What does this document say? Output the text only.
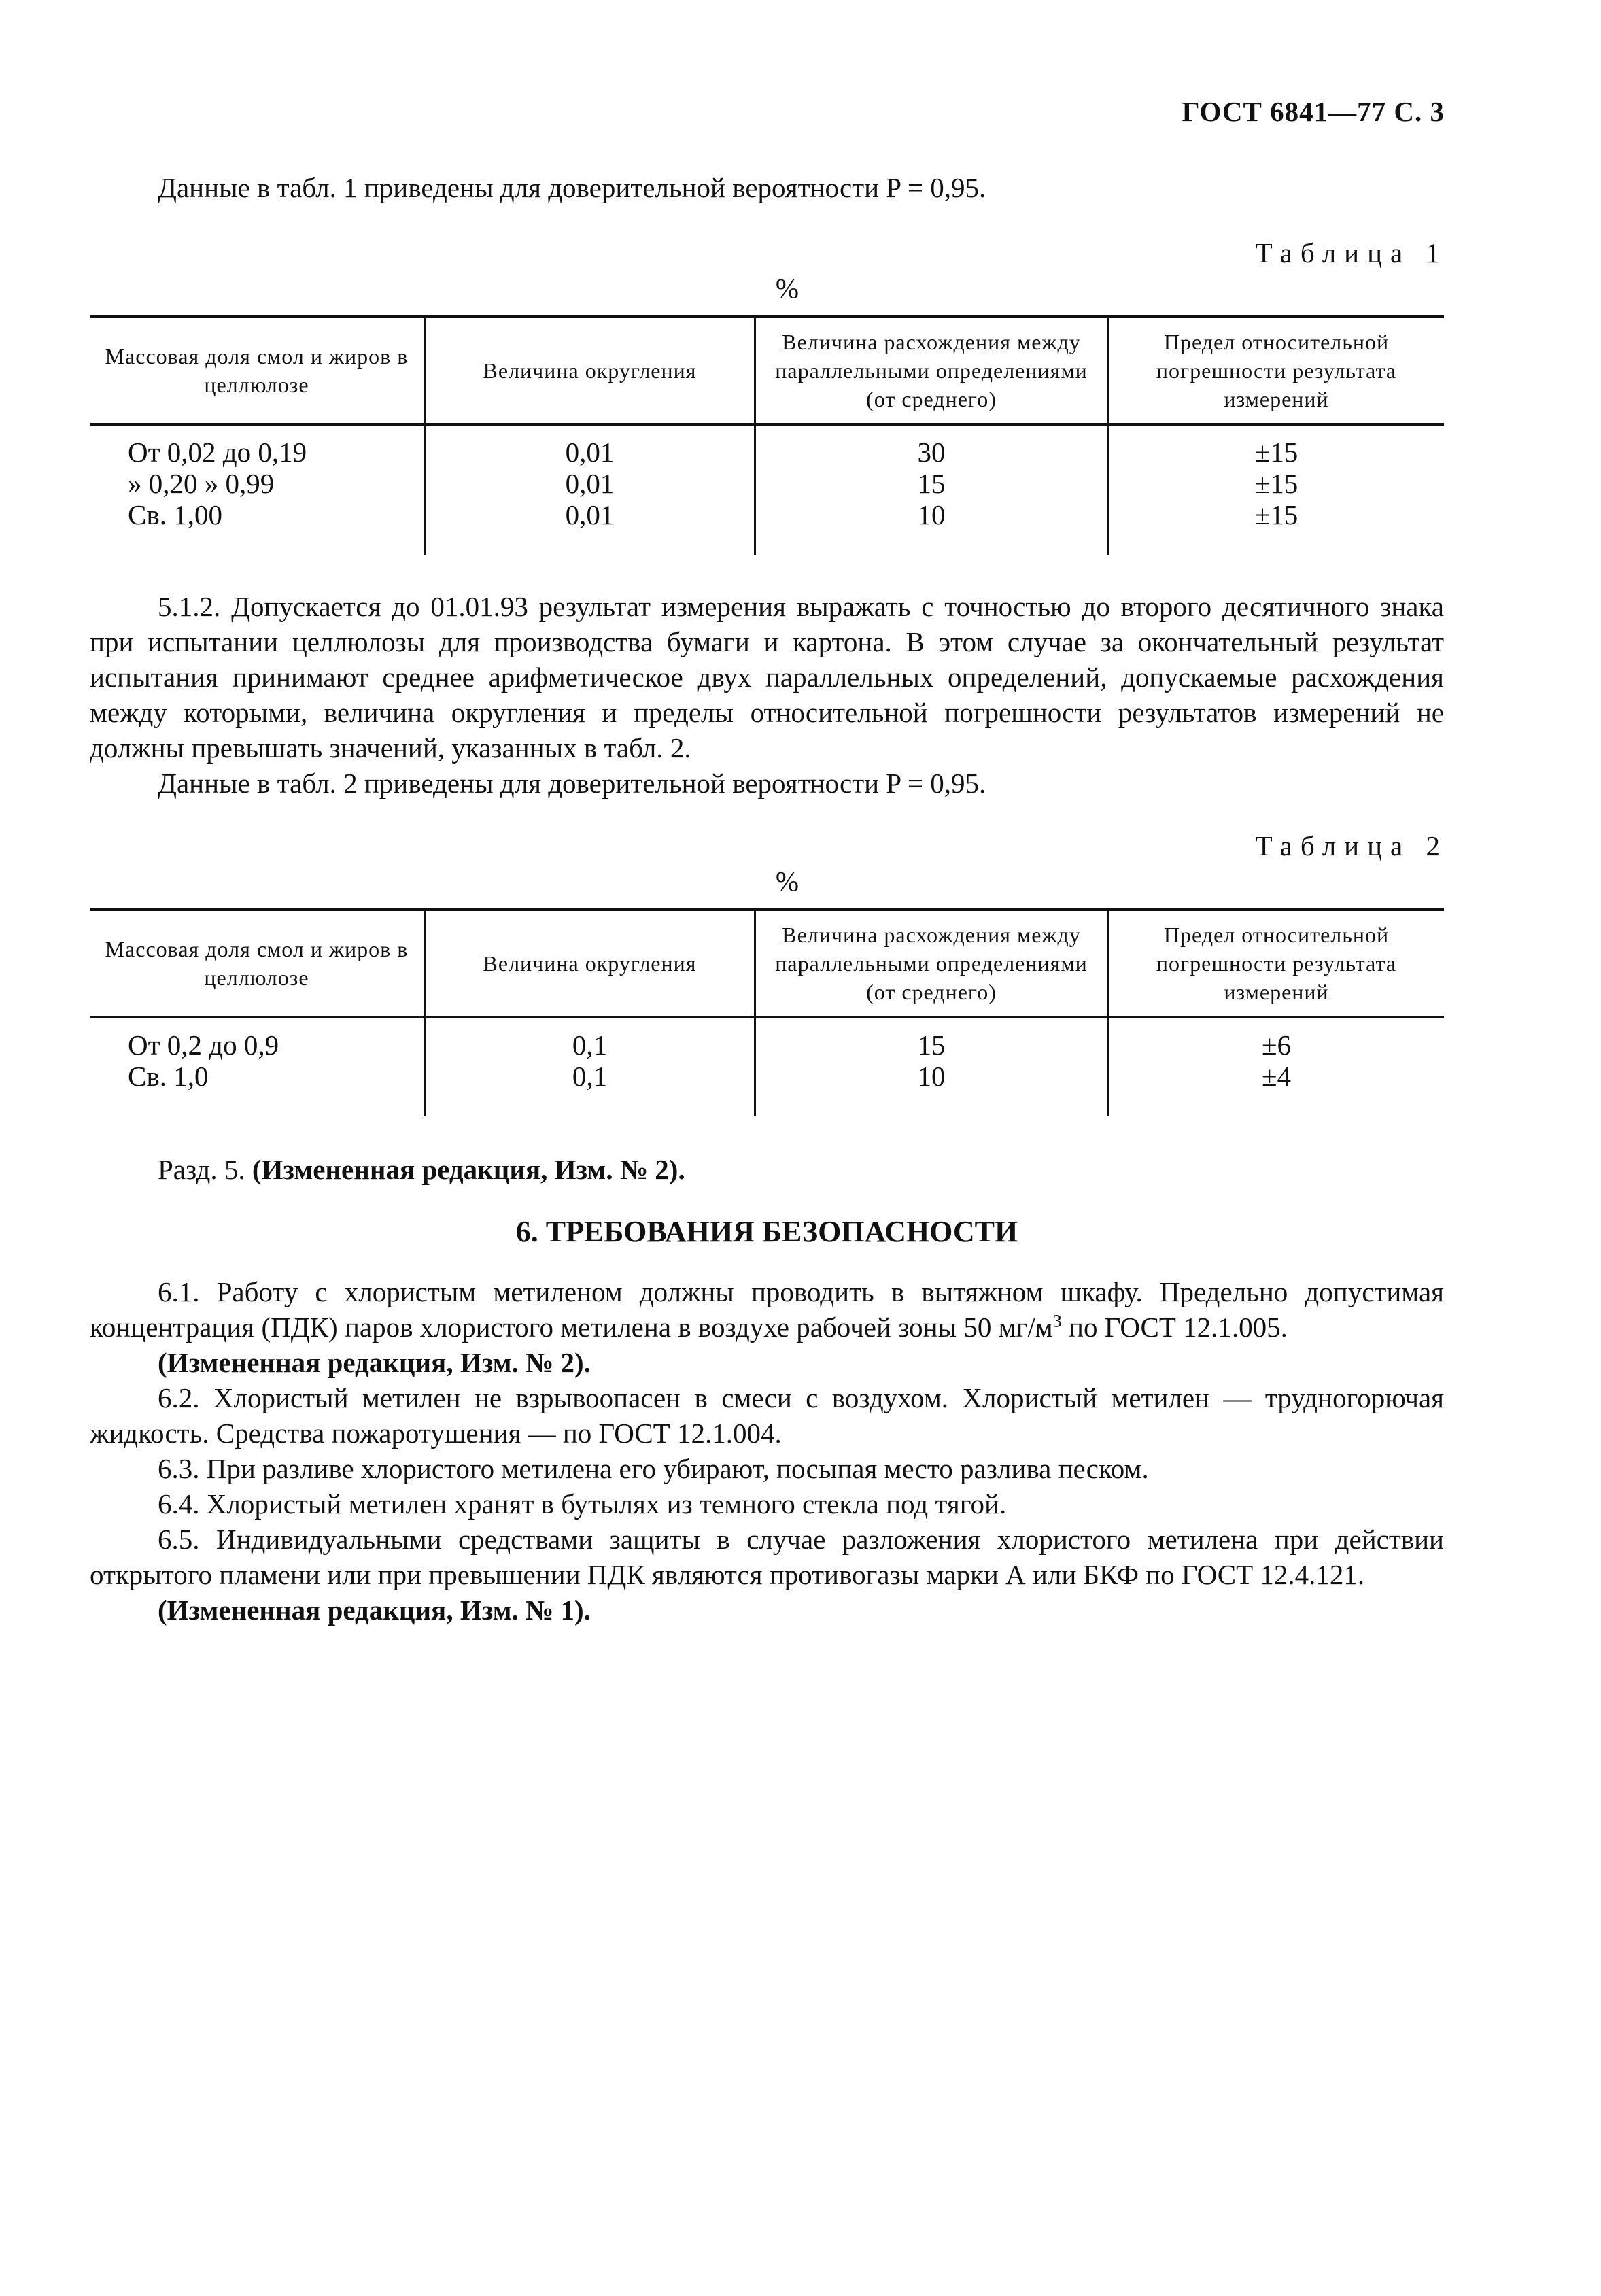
ГОСТ 6841—77 С. 3

Данные в табл. 1 приведены для доверительной вероятности P = 0,95.

Таблица 1
%
Массовая доля смол и жиров в целлюлозе	Величина округления	Величина расхождения между параллельными определениями (от среднего)	Предел относительной погрешности результата измерений
От 0,02 до 0,19	0,01	30	±15
» 0,20 » 0,99	0,01	15	±15
Св. 1,00	0,01	10	±15

5.1.2. Допускается до 01.01.93 результат измерения выражать с точностью до второго десятичного знака при испытании целлюлозы для производства бумаги и картона. В этом случае за окончательный результат испытания принимают среднее арифметическое двух параллельных определений, допускаемые расхождения между которыми, величина округления и пределы относительной погрешности результатов измерений не должны превышать значений, указанных в табл. 2.

Данные в табл. 2 приведены для доверительной вероятности P = 0,95.

Таблица 2
%
Массовая доля смол и жиров в целлюлозе	Величина округления	Величина расхождения между параллельными определениями (от среднего)	Предел относительной погрешности результата измерений
От 0,2 до 0,9	0,1	15	±6
Св. 1,0	0,1	10	±4

Разд. 5. (Измененная редакция, Изм. № 2).

6. ТРЕБОВАНИЯ БЕЗОПАСНОСТИ

6.1. Работу с хлористым метиленом должны проводить в вытяжном шкафу. Предельно допустимая концентрация (ПДК) паров хлористого метилена в воздухе рабочей зоны 50 $мг/м^3$ по ГОСТ 12.1.005.

(Измененная редакция, Изм. № 2).

6.2. Хлористый метилен не взрывоопасен в смеси с воздухом. Хлористый метилен — трудногорючая жидкость. Средства пожаротушения — по ГОСТ 12.1.004.

6.3. При разливе хлористого метилена его убирают, посыпая место разлива песком.

6.4. Хлористый метилен хранят в бутылях из темного стекла под тягой.

6.5. Индивидуальными средствами защиты в случае разложения хлористого метилена при действии открытого пламени или при превышении ПДК являются противогазы марки А или БКФ по ГОСТ 12.4.121.

(Измененная редакция, Изм. № 1).
